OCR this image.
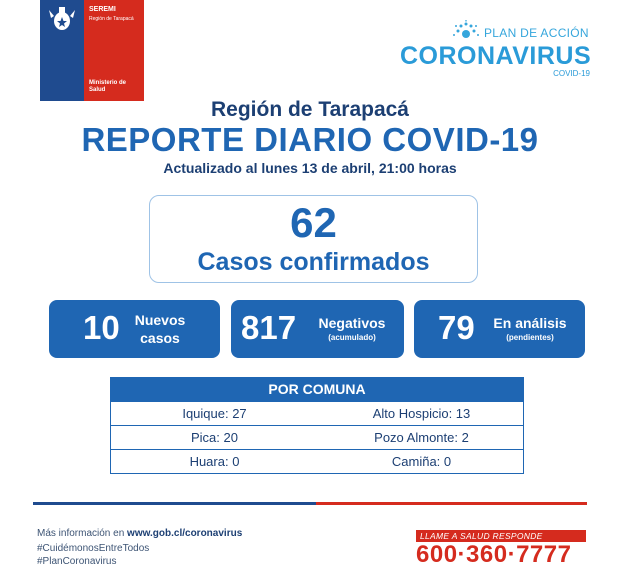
SEREMI
Región de Tarapacá
Ministerio de Salud
PLAN DE ACCIÓN
CORONAVIRUS
COVID-19
Región de Tarapacá
REPORTE DIARIO COVID-19
Actualizado al lunes 13 de abril, 21:00 horas
62
Casos confirmados
10	Nuevos
casos	817	Negativos
(acumulado)	79	En análisis
(pendientes)
POR COMUNA
Iquique: 27	Alto Hospicio: 13
Pica: 20	Pozo Almonte: 2
Huara: 0	Camiña: 0
Más información en www.gob.cl/coronavirus
#CuidémonosEntreTodos
#PlanCoronavirus
LLAME A SALUD RESPONDE
600·360·7777
